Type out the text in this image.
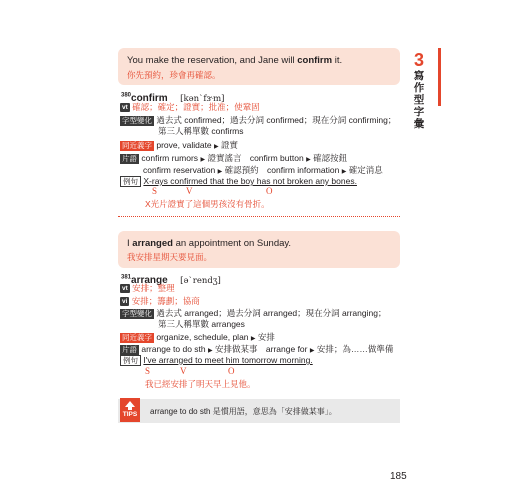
3
寫作型字彙
You make the reservation, and Jane will confirm it.
你先預約，珍會再確認。
$^{380}$confirm [kən`fɝm]
vt 確認；確定；證實；批准；使鞏固
字型變化 過去式 confirmed；過去分詞 confirmed；現在分詞 confirming；
第三人稱單數 confirms
同近義字 prove, validate ▶ 證實
片語 confirm rumors ▶ 證實謠言 confirm button ▶ 確認按鈕
confirm reservation ▶ 確認預約 confirm information ▶ 確定消息
例句 X-rays confirmed that the boy has not broken any bones.
S	V	O
X光片證實了這個男孩沒有骨折。
I arranged an appointment on Sunday.
我安排星期天要見面。
$^{381}$arrange [ə`rendʒ]
vt 安排；整理
vi 安排；籌劃；協商
字型變化 過去式 arranged；過去分詞 arranged；現在分詞 arranging；
第三人稱單數 arranges
同近義字 organize, schedule, plan ▶ 安排
片語 arrange to do sth ▶ 安排做某事 arrange for ▶ 安排；為……做準備
例句 I've arranged to meet him tomorrow morning.
S	V	O
我已經安排了明天早上見他。
TIPS	arrange to do sth 是慣用語，意思為「安排做某事」。
185
